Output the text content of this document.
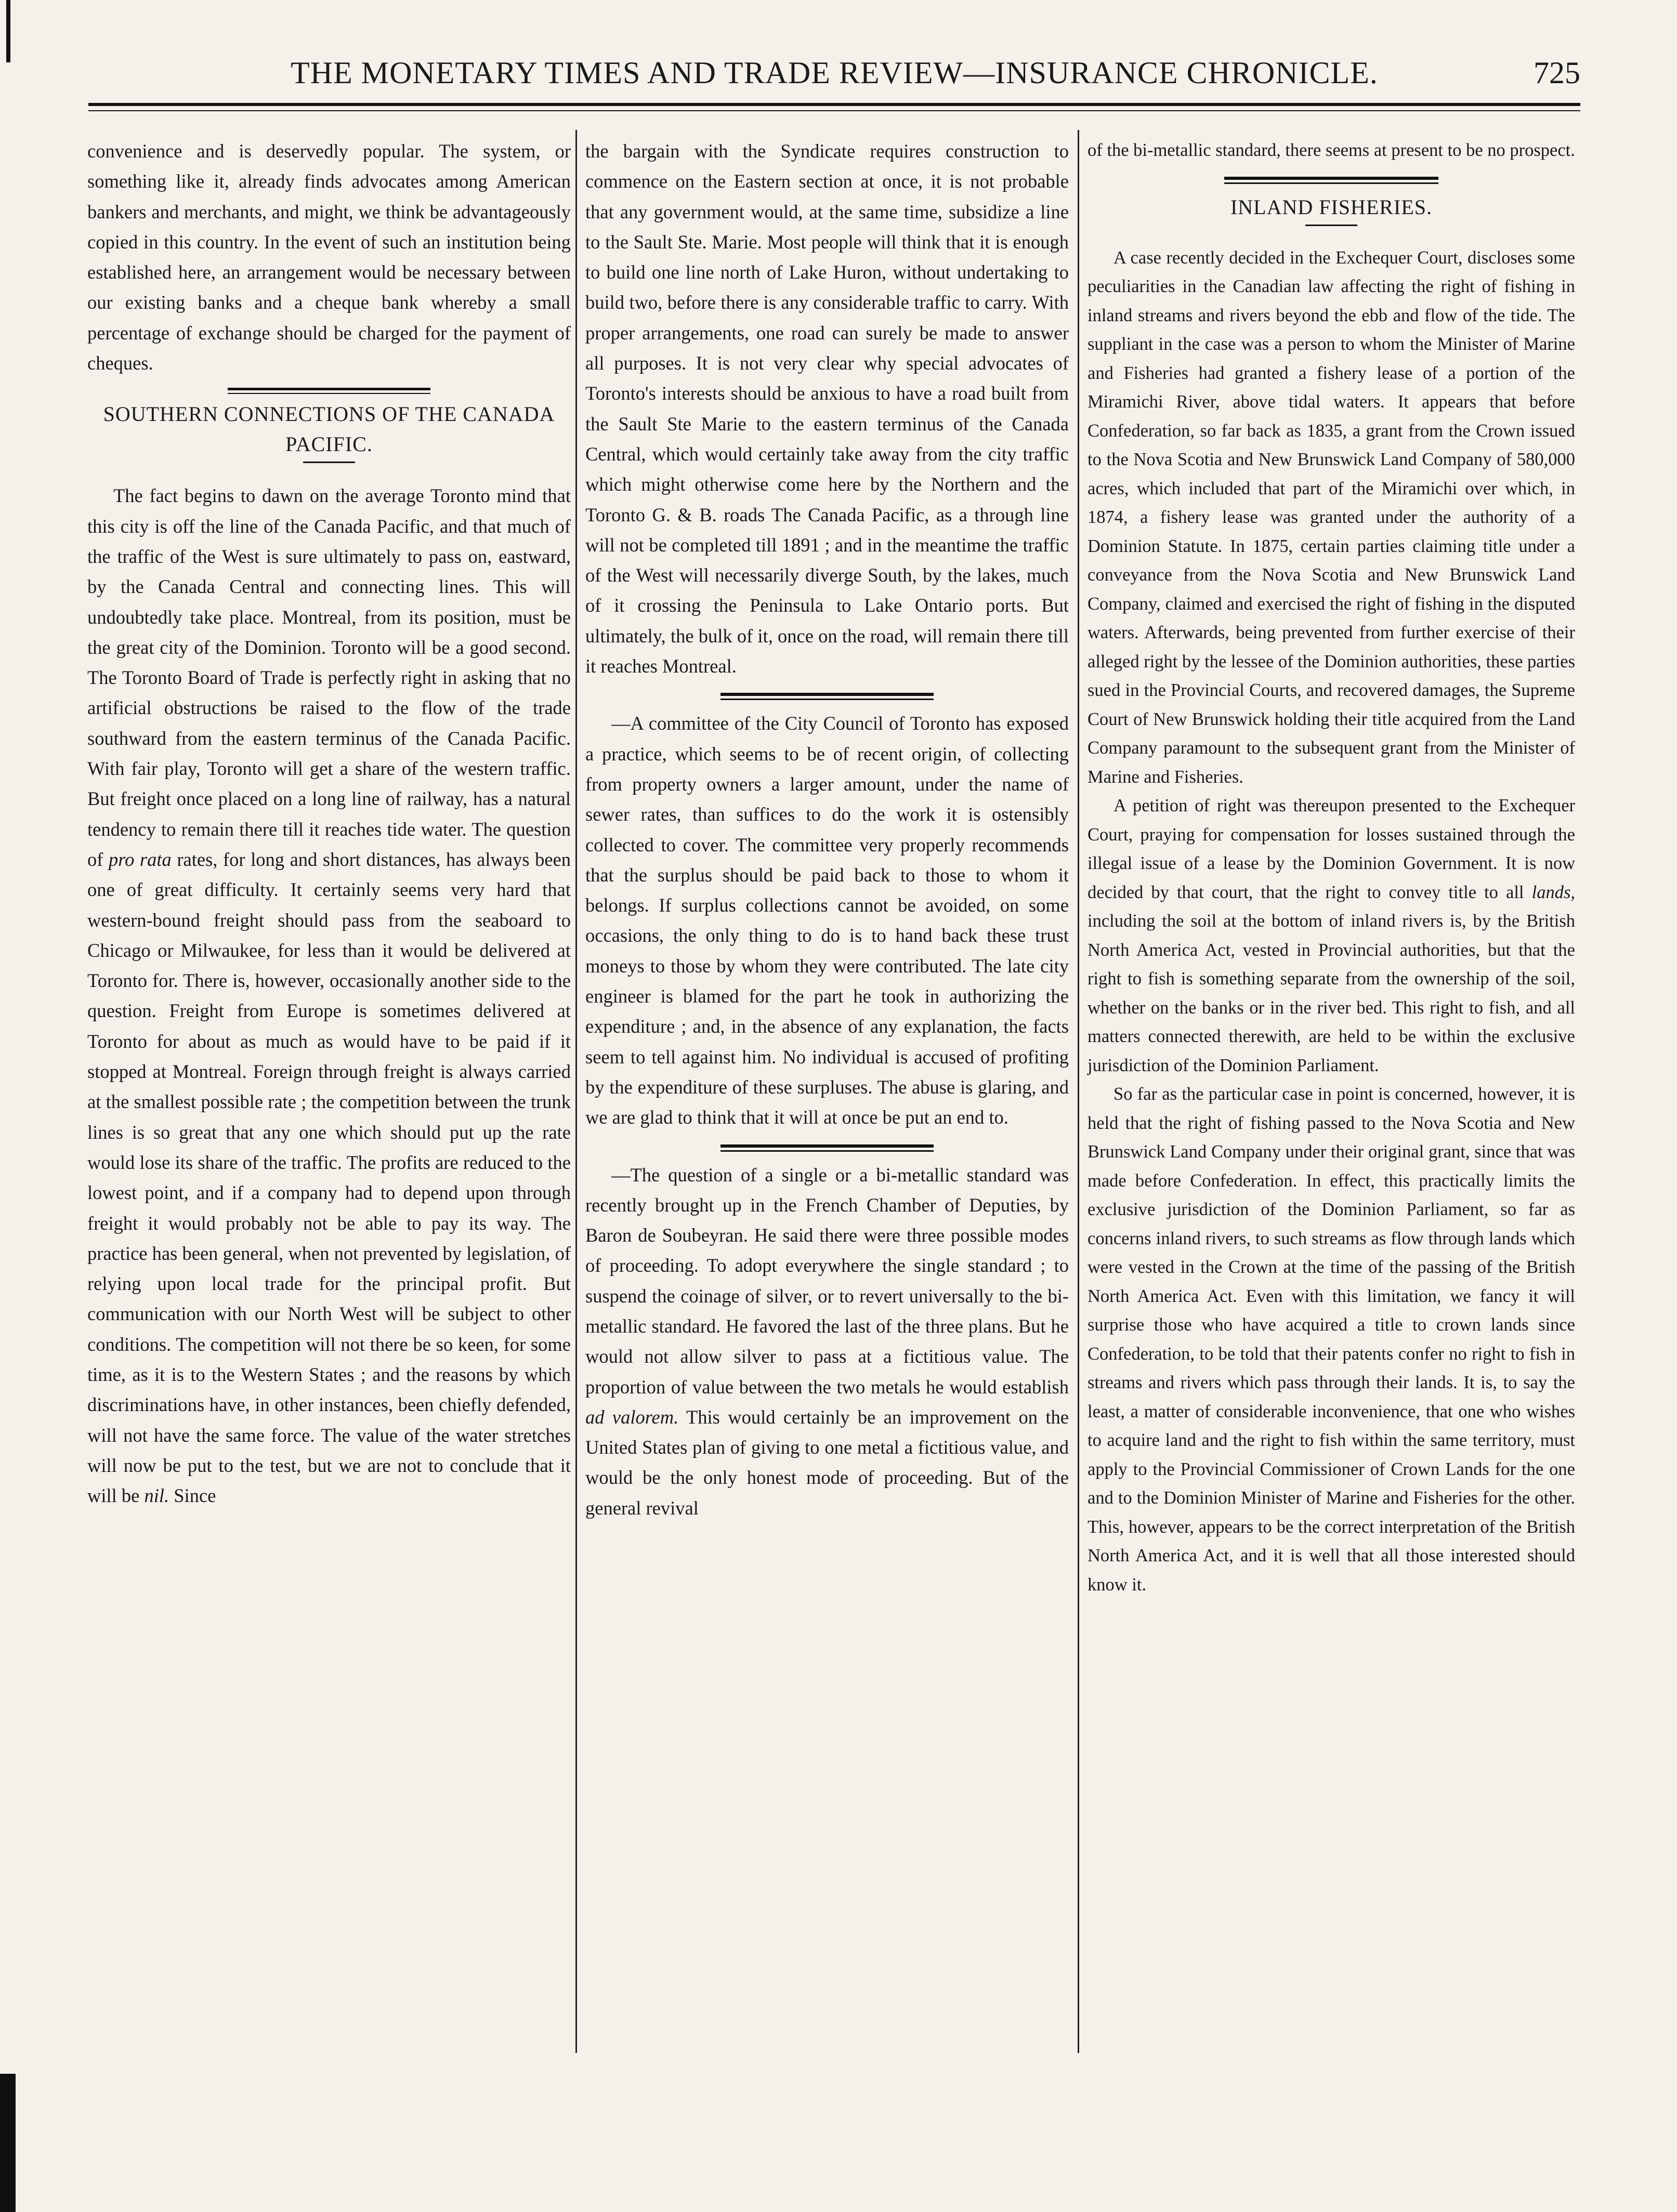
THE MONETARY TIMES AND TRADE REVIEW—INSURANCE CHRONICLE.	725

convenience and is deservedly popular. The system, or something like it, already finds advocates among American bankers and merchants, and might, we think be advantageously copied in this country. In the event of such an institution being established here, an arrangement would be necessary between our existing banks and a cheque bank whereby a small percentage of exchange should be charged for the payment of cheques.

SOUTHERN CONNECTIONS OF THE CANADA PACIFIC.

The fact begins to dawn on the average Toronto mind that this city is off the line of the Canada Pacific, and that much of the traffic of the West is sure ultimately to pass on, eastward, by the Canada Central and connecting lines. This will undoubtedly take place. Montreal, from its position, must be the great city of the Dominion. Toronto will be a good second. The Toronto Board of Trade is perfectly right in asking that no artificial obstructions be raised to the flow of the trade southward from the eastern terminus of the Canada Pacific. With fair play, Toronto will get a share of the western traffic. But freight once placed on a long line of railway, has a natural tendency to remain there till it reaches tide water. The question of pro rata rates, for long and short distances, has always been one of great difficulty. It certainly seems very hard that western-bound freight should pass from the seaboard to Chicago or Milwaukee, for less than it would be delivered at Toronto for. There is, however, occasionally another side to the question. Freight from Europe is sometimes delivered at Toronto for about as much as would have to be paid if it stopped at Montreal. Foreign through freight is always carried at the smallest possible rate ; the competition between the trunk lines is so great that any one which should put up the rate would lose its share of the traffic. The profits are reduced to the lowest point, and if a company had to depend upon through freight it would probably not be able to pay its way. The practice has been general, when not prevented by legislation, of relying upon local trade for the principal profit. But communication with our North West will be subject to other conditions. The competition will not there be so keen, for some time, as it is to the Western States ; and the reasons by which discriminations have, in other instances, been chiefly defended, will not have the same force. The value of the water stretches will now be put to the test, but we are not to conclude that it will be nil. Since

the bargain with the Syndicate requires construction to commence on the Eastern section at once, it is not probable that any government would, at the same time, subsidize a line to the Sault Ste. Marie. Most people will think that it is enough to build one line north of Lake Huron, without undertaking to build two, before there is any considerable traffic to carry. With proper arrangements, one road can surely be made to answer all purposes. It is not very clear why special advocates of Toronto's interests should be anxious to have a road built from the Sault Ste Marie to the eastern terminus of the Canada Central, which would certainly take away from the city traffic which might otherwise come here by the Northern and the Toronto G. & B. roads The Canada Pacific, as a through line will not be completed till 1891 ; and in the meantime the traffic of the West will necessarily diverge South, by the lakes, much of it crossing the Peninsula to Lake Ontario ports. But ultimately, the bulk of it, once on the road, will remain there till it reaches Montreal.

—A committee of the City Council of Toronto has exposed a practice, which seems to be of recent origin, of collecting from property owners a larger amount, under the name of sewer rates, than suffices to do the work it is ostensibly collected to cover. The committee very properly recommends that the surplus should be paid back to those to whom it belongs. If surplus collections cannot be avoided, on some occasions, the only thing to do is to hand back these trust moneys to those by whom they were contributed. The late city engineer is blamed for the part he took in authorizing the expenditure ; and, in the absence of any explanation, the facts seem to tell against him. No individual is accused of profiting by the expenditure of these surpluses. The abuse is glaring, and we are glad to think that it will at once be put an end to.

—The question of a single or a bi-metallic standard was recently brought up in the French Chamber of Deputies, by Baron de Soubeyran. He said there were three possible modes of proceeding. To adopt everywhere the single standard ; to suspend the coinage of silver, or to revert universally to the bi-metallic standard. He favored the last of the three plans. But he would not allow silver to pass at a fictitious value. The proportion of value between the two metals he would establish ad valorem. This would certainly be an improvement on the United States plan of giving to one metal a fictitious value, and would be the only honest mode of proceeding. But of the general revival

of the bi-metallic standard, there seems at present to be no prospect.

INLAND FISHERIES.

A case recently decided in the Exchequer Court, discloses some peculiarities in the Canadian law affecting the right of fishing in inland streams and rivers beyond the ebb and flow of the tide. The suppliant in the case was a person to whom the Minister of Marine and Fisheries had granted a fishery lease of a portion of the Miramichi River, above tidal waters. It appears that before Confederation, so far back as 1835, a grant from the Crown issued to the Nova Scotia and New Brunswick Land Company of 580,000 acres, which included that part of the Miramichi over which, in 1874, a fishery lease was granted under the authority of a Dominion Statute. In 1875, certain parties claiming title under a conveyance from the Nova Scotia and New Brunswick Land Company, claimed and exercised the right of fishing in the disputed waters. Afterwards, being prevented from further exercise of their alleged right by the lessee of the Dominion authorities, these parties sued in the Provincial Courts, and recovered damages, the Supreme Court of New Brunswick holding their title acquired from the Land Company paramount to the subsequent grant from the Minister of Marine and Fisheries.

A petition of right was thereupon presented to the Exchequer Court, praying for compensation for losses sustained through the illegal issue of a lease by the Dominion Government. It is now decided by that court, that the right to convey title to all lands, including the soil at the bottom of inland rivers is, by the British North America Act, vested in Provincial authorities, but that the right to fish is something separate from the ownership of the soil, whether on the banks or in the river bed. This right to fish, and all matters connected therewith, are held to be within the exclusive jurisdiction of the Dominion Parliament.

So far as the particular case in point is concerned, however, it is held that the right of fishing passed to the Nova Scotia and New Brunswick Land Company under their original grant, since that was made before Confederation. In effect, this practically limits the exclusive jurisdiction of the Dominion Parliament, so far as concerns inland rivers, to such streams as flow through lands which were vested in the Crown at the time of the passing of the British North America Act. Even with this limitation, we fancy it will surprise those who have acquired a title to crown lands since Confederation, to be told that their patents confer no right to fish in streams and rivers which pass through their lands. It is, to say the least, a matter of considerable inconvenience, that one who wishes to acquire land and the right to fish within the same territory, must apply to the Provincial Commissioner of Crown Lands for the one and to the Dominion Minister of Marine and Fisheries for the other. This, however, appears to be the correct interpretation of the British North America Act, and it is well that all those interested should know it.
